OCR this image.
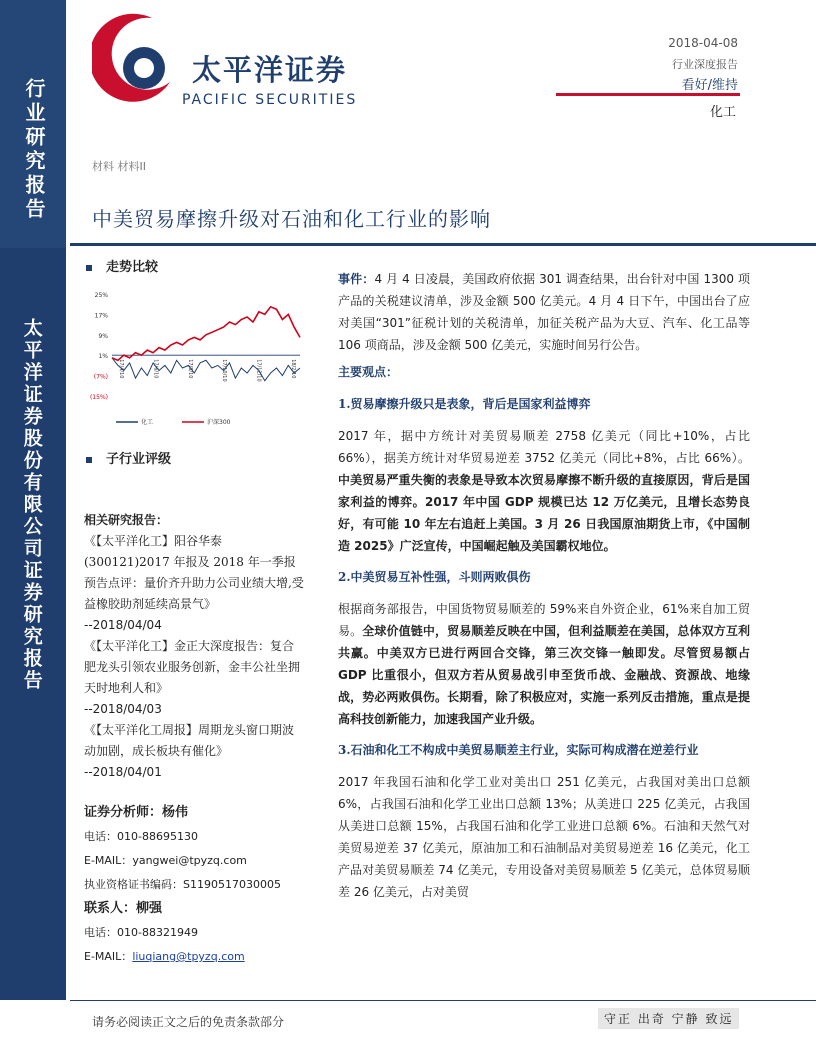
行业研究报告
太平洋证券股份有限公司证券研究报告
太平洋证券
PACIFIC SECURITIES
2018-04-08
行业深度报告
看好/维持
化工
材料 材料II
中美贸易摩擦升级对石油和化工行业的影响
走势比较
25%
17%
9%
1%
(7%)
(15%)
17/4/10	17/6/10	17/8/10	17/10/10	17/12/10	18/2/10
化工	沪深300
子行业评级
相关研究报告：
《【太平洋化工】阳谷华泰(300121)2017 年报及 2018 年一季报预告点评：量价齐升助力公司业绩大增,受益橡胶助剂延续高景气》
--2018/04/04
《【太平洋化工】金正大深度报告：复合肥龙头引领农业服务创新，金丰公社坐拥天时地利人和》
--2018/04/03
《【太平洋化工周报】周期龙头窗口期波动加剧，成长板块有催化》
--2018/04/01
证券分析师：杨伟
电话：010-88695130
E-MAIL：yangwei@tpyzq.com
执业资格证书编码：S1190517030005
联系人：柳强
电话：010-88321949
E-MAIL：liuqiang@tpyzq.com

事件：4 月 4 日凌晨，美国政府依据 301 调查结果，出台针对中国 1300 项产品的关税建议清单，涉及金额 500 亿美元。4 月 4 日下午，中国出台了应对美国“301”征税计划的关税清单，加征关税产品为大豆、汽车、化工品等 106 项商品，涉及金额 500 亿美元，实施时间另行公告。

主要观点：
1.贸易摩擦升级只是表象，背后是国家利益博弈

2017 年，据中方统计对美贸易顺差 2758 亿美元（同比+10%，占比 66%），据美方统计对华贸易逆差 3752 亿美元（同比+8%，占比 66%）。中美贸易严重失衡的表象是导致本次贸易摩擦不断升级的直接原因，背后是国家利益的博弈。2017 年中国 GDP 规模已达 12 万亿美元，且增长态势良好，有可能 10 年左右追赶上美国。3 月 26 日我国原油期货上市，《中国制造 2025》广泛宣传，中国崛起触及美国霸权地位。

2.中美贸易互补性强，斗则两败俱伤

根据商务部报告，中国货物贸易顺差的 59%来自外资企业，61%来自加工贸易。全球价值链中，贸易顺差反映在中国，但利益顺差在美国，总体双方互利共赢。中美双方已进行两回合交锋，第三次交锋一触即发。尽管贸易额占 GDP 比重很小，但双方若从贸易战引申至货币战、金融战、资源战、地缘战，势必两败俱伤。长期看，除了积极应对，实施一系列反击措施，重点是提高科技创新能力，加速我国产业升级。

3.石油和化工不构成中美贸易顺差主行业，实际可构成潜在逆差行业

2017 年我国石油和化学工业对美出口 251 亿美元，占我国对美出口总额 6%，占我国石油和化学工业出口总额 13%；从美进口 225 亿美元，占我国从美进口总额 15%，占我国石油和化学工业进口总额 6%。石油和天然气对美贸易逆差 37 亿美元，原油加工和石油制品对美贸易逆差 16 亿美元，化工产品对美贸易顺差 74 亿美元，专用设备对美贸易顺差 5 亿美元，总体贸易顺差 26 亿美元，占对美贸

请务必阅读正文之后的免责条款部分	守正 出奇 宁静 致远
